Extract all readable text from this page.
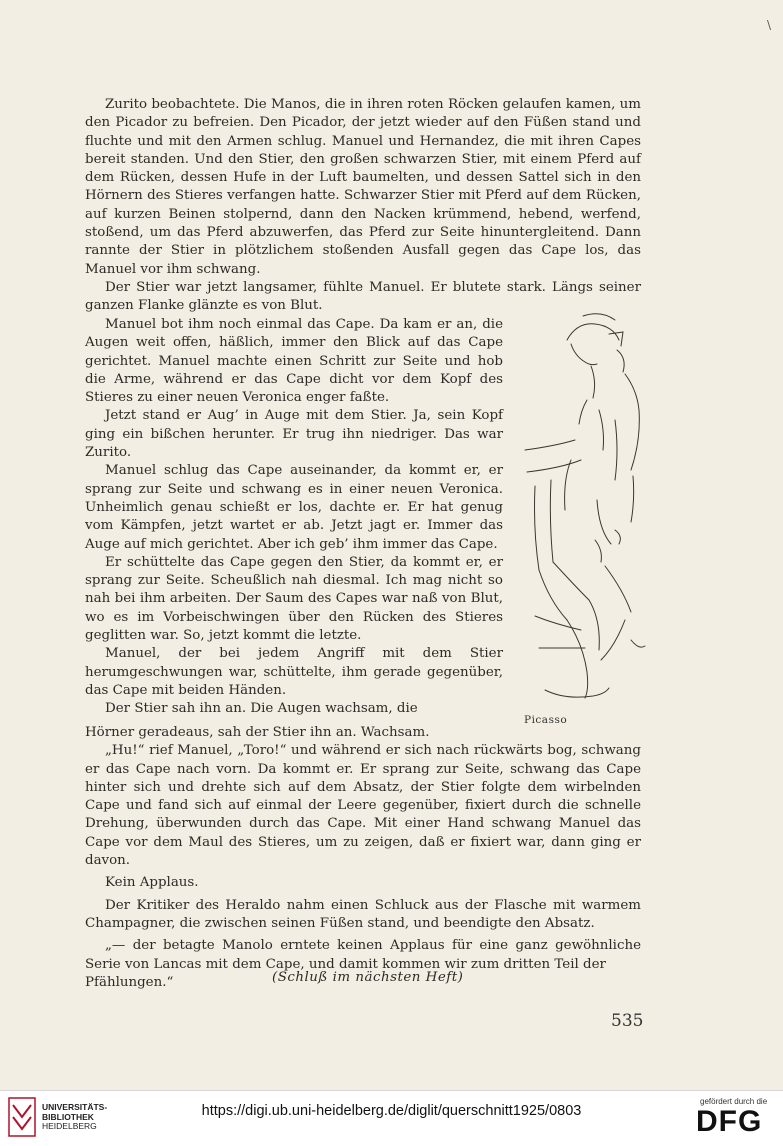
\

Zurito beobachtete. Die Manos, die in ihren roten Röcken gelaufen kamen, um den Picador zu befreien. Den Picador, der jetzt wieder auf den Füßen stand und fluchte und mit den Armen schlug. Manuel und Hernandez, die mit ihren Capes bereit standen. Und den Stier, den großen schwarzen Stier, mit einem Pferd auf dem Rücken, dessen Hufe in der Luft baumelten, und dessen Sattel sich in den Hörnern des Stieres verfangen hatte. Schwarzer Stier mit Pferd auf dem Rücken, auf kurzen Beinen stolpernd, dann den Nacken krümmend, hebend, werfend, stoßend, um das Pferd abzuwerfen, das Pferd zur Seite hinuntergleitend. Dann rannte der Stier in plötzlichem stoßenden Ausfall gegen das Cape los, das Manuel vor ihm schwang.

Der Stier war jetzt langsamer, fühlte Manuel. Er blutete stark. Längs seiner ganzen Flanke glänzte es von Blut.

Manuel bot ihm noch einmal das Cape. Da kam er an, die Augen weit offen, häßlich, immer den Blick auf das Cape gerichtet. Manuel machte einen Schritt zur Seite und hob die Arme, während er das Cape dicht vor dem Kopf des Stieres zu einer neuen Veronica enger faßte.

Jetzt stand er Aug’ in Auge mit dem Stier. Ja, sein Kopf ging ein bißchen herunter. Er trug ihn niedriger. Das war Zurito.

Manuel schlug das Cape auseinander, da kommt er, er sprang zur Seite und schwang es in einer neuen Veronica. Unheimlich genau schießt er los, dachte er. Er hat genug vom Kämpfen, jetzt wartet er ab. Jetzt jagt er. Immer das Auge auf mich gerichtet. Aber ich geb’ ihm immer das Cape.

Er schüttelte das Cape gegen den Stier, da kommt er, er sprang zur Seite. Scheußlich nah diesmal. Ich mag nicht so nah bei ihm arbeiten. Der Saum des Capes war naß von Blut, wo es im Vorbeischwingen über den Rücken des Stieres geglitten war. So, jetzt kommt die letzte.

Manuel, der bei jedem Angriff mit dem Stier herumgeschwungen war, schüttelte, ihm gerade gegenüber, das Cape mit beiden Händen.

Der Stier sah ihn an. Die Augen wachsam, die

Hörner geradeaus, sah der Stier ihn an. Wachsam.

„Hu!“ rief Manuel, „Toro!“ und während er sich nach rückwärts bog, schwang er das Cape nach vorn. Da kommt er. Er sprang zur Seite, schwang das Cape hinter sich und drehte sich auf dem Absatz, der Stier folgte dem wirbelnden Cape und fand sich auf einmal der Leere gegenüber, fixiert durch die schnelle Drehung, überwunden durch das Cape. Mit einer Hand schwang Manuel das Cape vor dem Maul des Stieres, um zu zeigen, daß er fixiert war, dann ging er davon.

Kein Applaus.

Der Kritiker des Heraldo nahm einen Schluck aus der Flasche mit warmem Champagner, die zwischen seinen Füßen stand, und beendigte den Absatz.

„— der betagte Manolo erntete keinen Applaus für eine ganz gewöhnliche Serie von Lancas mit dem Cape, und damit kommen wir zum dritten Teil der

Pfählungen.“	(Schluß im nächsten Heft)
Picasso
535
UNIVERSITÄTS-
BIBLIOTHEK
HEIDELBERG
https://digi.ub.uni-heidelberg.de/diglit/querschnitt1925/0803
gefördert durch die
DFG
